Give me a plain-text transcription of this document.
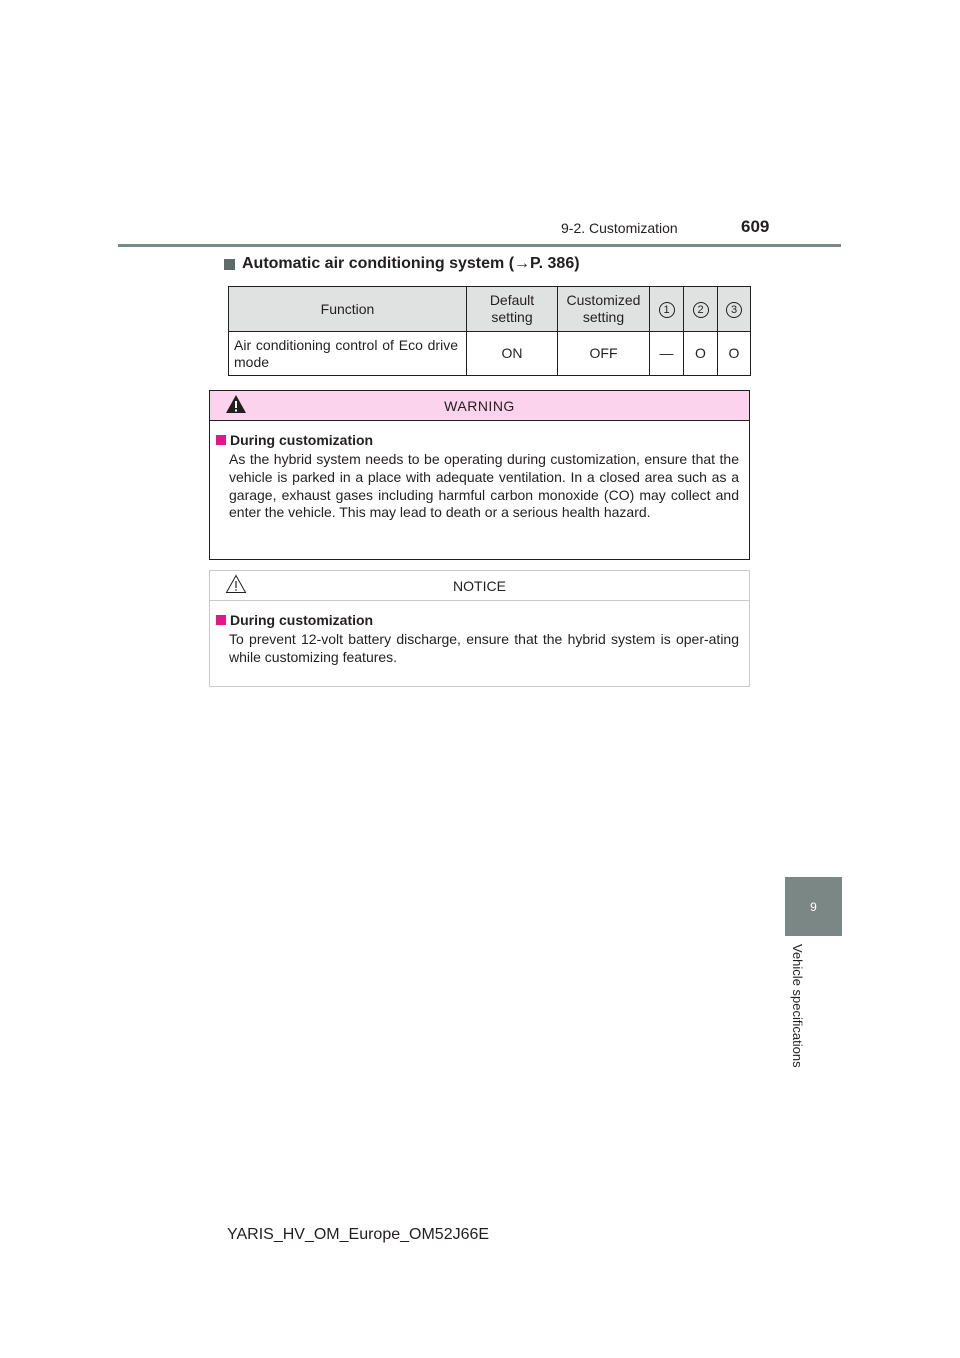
9-2. Customization	609
Automatic air conditioning system (→P. 386)
Function	Default setting	Customized setting	1	2	3
Air conditioning control of Eco drive mode	ON	OFF	—	O	O
WARNING
During customization
As the hybrid system needs to be operating during customization, ensure that the vehicle is parked in a place with adequate ventilation. In a closed area such as a garage, exhaust gases including harmful carbon monoxide (CO) may collect and enter the vehicle. This may lead to death or a serious health hazard.
NOTICE
During customization
To prevent 12-volt battery discharge, ensure that the hybrid system is oper-ating while customizing features.
9
Vehicle specifications
YARIS_HV_OM_Europe_OM52J66E
